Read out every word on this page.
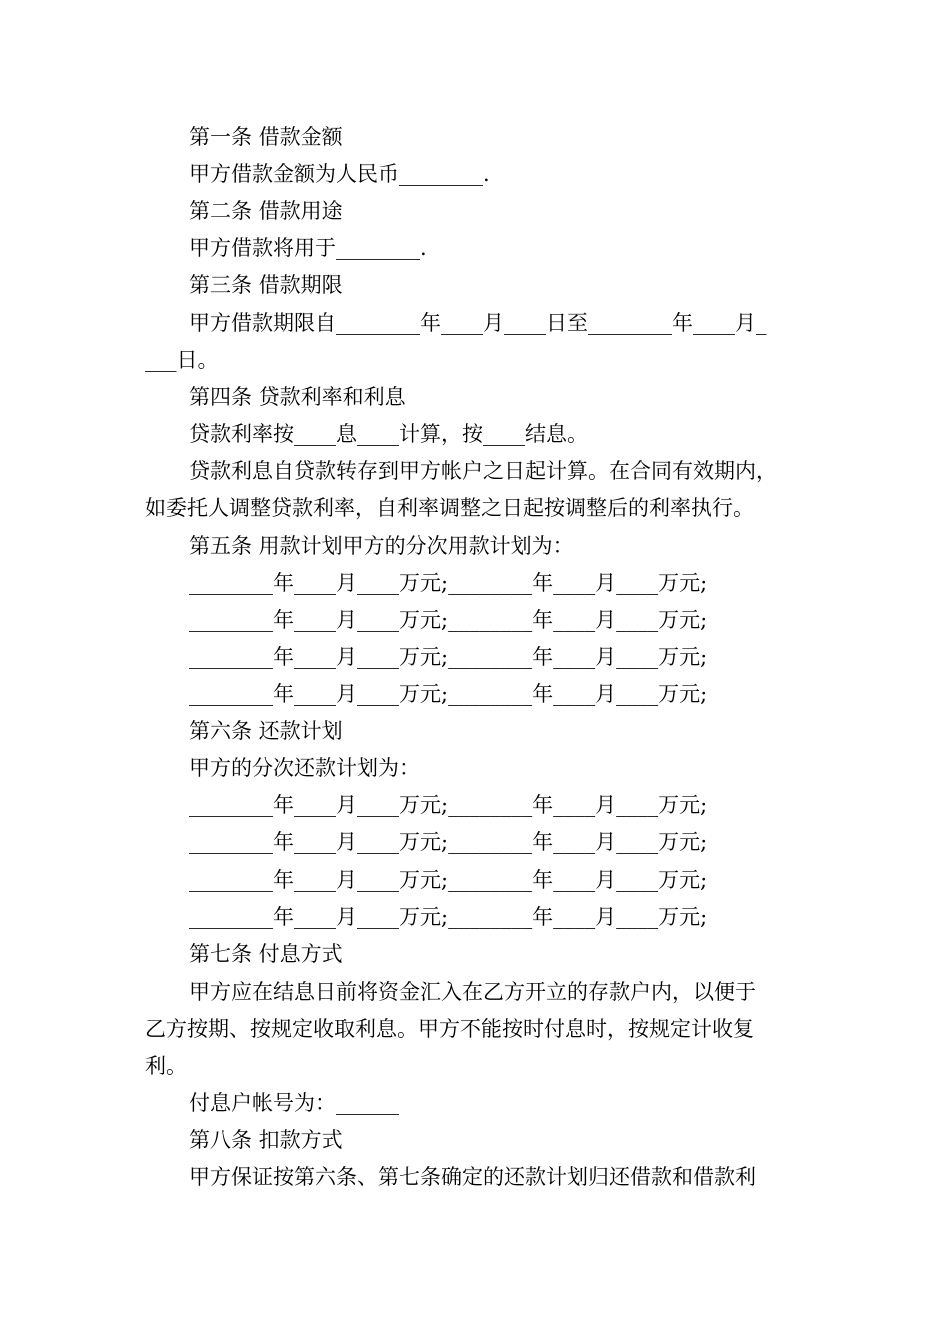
第一条 借款金额
甲方借款金额为人民币________.
第二条 借款用途
甲方借款将用于________.
第三条 借款期限
甲方借款期限自________年____月____日至________年____月_
___日。
第四条 贷款利率和利息
贷款利率按____息____计算，按____结息。
贷款利息自贷款转存到甲方帐户之日起计算。在合同有效期内，
如委托人调整贷款利率，自利率调整之日起按调整后的利率执行。
第五条 用款计划甲方的分次用款计划为：
________年____月____万元;________年____月____万元;
________年____月____万元;________年____月____万元;
________年____月____万元;________年____月____万元;
________年____月____万元;________年____月____万元;
第六条 还款计划
甲方的分次还款计划为：
________年____月____万元;________年____月____万元;
________年____月____万元;________年____月____万元;
________年____月____万元;________年____月____万元;
________年____月____万元;________年____月____万元;
第七条 付息方式
甲方应在结息日前将资金汇入在乙方开立的存款户内，以便于
乙方按期、按规定收取利息。甲方不能按时付息时，按规定计收复
利。
付息户帐号为：______
第八条 扣款方式
甲方保证按第六条、第七条确定的还款计划归还借款和借款利
